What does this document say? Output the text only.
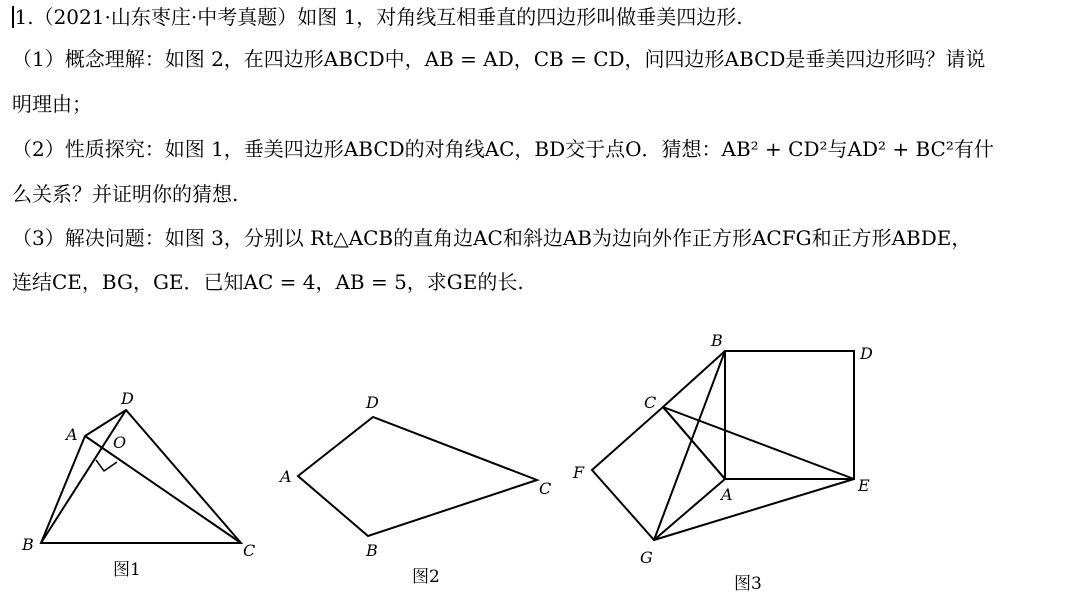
1.（2021·山东枣庄·中考真题）如图 1，对角线互相垂直的四边形叫做垂美四边形.
（1）概念理解：如图 2，在四边形ABCD中，AB = AD，CB = CD，问四边形ABCD是垂美四边形吗？请说
明理由；
（2）性质探究：如图 1，垂美四边形ABCD的对角线AC，BD交于点O．猜想：AB² + CD²与AD² + BC²有什
么关系？并证明你的猜想.
（3）解决问题：如图 3，分别以 Rt△ACB的直角边AC和斜边AB为边向外作正方形ACFG和正方形ABDE，
连结CE，BG，GE．已知AC = 4，AB = 5，求GE的长.
A
D
O
B	C
图1
D
A
C
B
图2
B
D
C
F
A	E
G
图3
